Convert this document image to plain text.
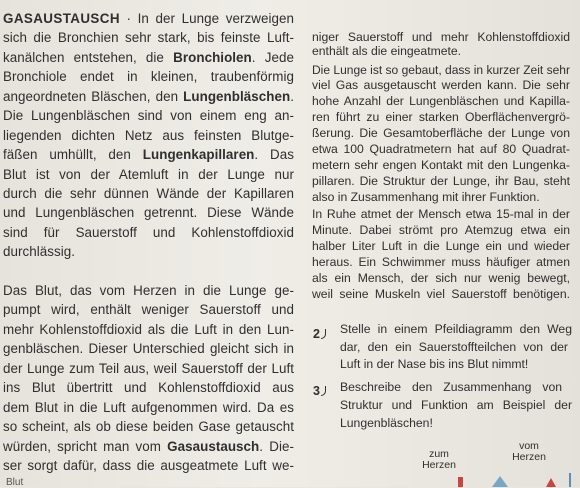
GASAUSTAUSCH · In der Lunge verzweigen
sich die Bronchien sehr stark, bis feinste Luft-
kanälchen entstehen, die Bronchiolen. Jede
Bronchiole endet in kleinen, traubenförmig
angeordneten Bläschen, den Lungenbläschen.
Die Lungenbläschen sind von einem eng an-
liegenden dichten Netz aus feinsten Blutge-
fäßen umhüllt, den Lungenkapillaren. Das
Blut ist von der Atemluft in der Lunge nur
durch die sehr dünnen Wände der Kapillaren
und Lungenbläschen getrennt. Diese Wände
sind für Sauerstoff und Kohlenstoffdioxid
durchlässig.
Das Blut, das vom Herzen in die Lunge ge-
pumpt wird, enthält weniger Sauerstoff und
mehr Kohlenstoffdioxid als die Luft in den Lun-
genbläschen. Dieser Unterschied gleicht sich in
der Lunge zum Teil aus, weil Sauerstoff der Luft
ins Blut übertritt und Kohlenstoffdioxid aus
dem Blut in die Luft aufgenommen wird. Da es
so scheint, als ob diese beiden Gase getauscht
würden, spricht man vom Gasaustausch. Die-
ser sorgt dafür, dass die ausgeatmete Luft we-
niger Sauerstoff und mehr Kohlenstoffdioxid
enthält als die eingeatmete.
Die Lunge ist so gebaut, dass in kurzer Zeit sehr
viel Gas ausgetauscht werden kann. Die sehr
hohe Anzahl der Lungenbläschen und Kapilla-
ren führt zu einer starken Oberflächenvergrö-
ßerung. Die Gesamtoberfläche der Lunge von
etwa 100 Quadratmetern hat auf 80 Quadrat-
metern sehr engen Kontakt mit den Lungenka-
pillaren. Die Struktur der Lunge, ihr Bau, steht
also in Zusammenhang mit ihrer Funktion.
In Ruhe atmet der Mensch etwa 15-mal in der
Minute. Dabei strömt pro Atemzug etwa ein
halber Liter Luft in die Lunge ein und wieder
heraus. Ein Schwimmer muss häufiger atmen
als ein Mensch, der sich nur wenig bewegt,
weil seine Muskeln viel Sauerstoff benötigen.
2 Stelle in einem Pfeildiagramm den Weg
dar, den ein Sauerstoffteilchen von der
Luft in der Nase bis ins Blut nimmt!
3 Beschreibe den Zusammenhang von
Struktur und Funktion am Beispiel der
Lungenbläschen!
zum
Herzen
vom
Herzen
Blut
